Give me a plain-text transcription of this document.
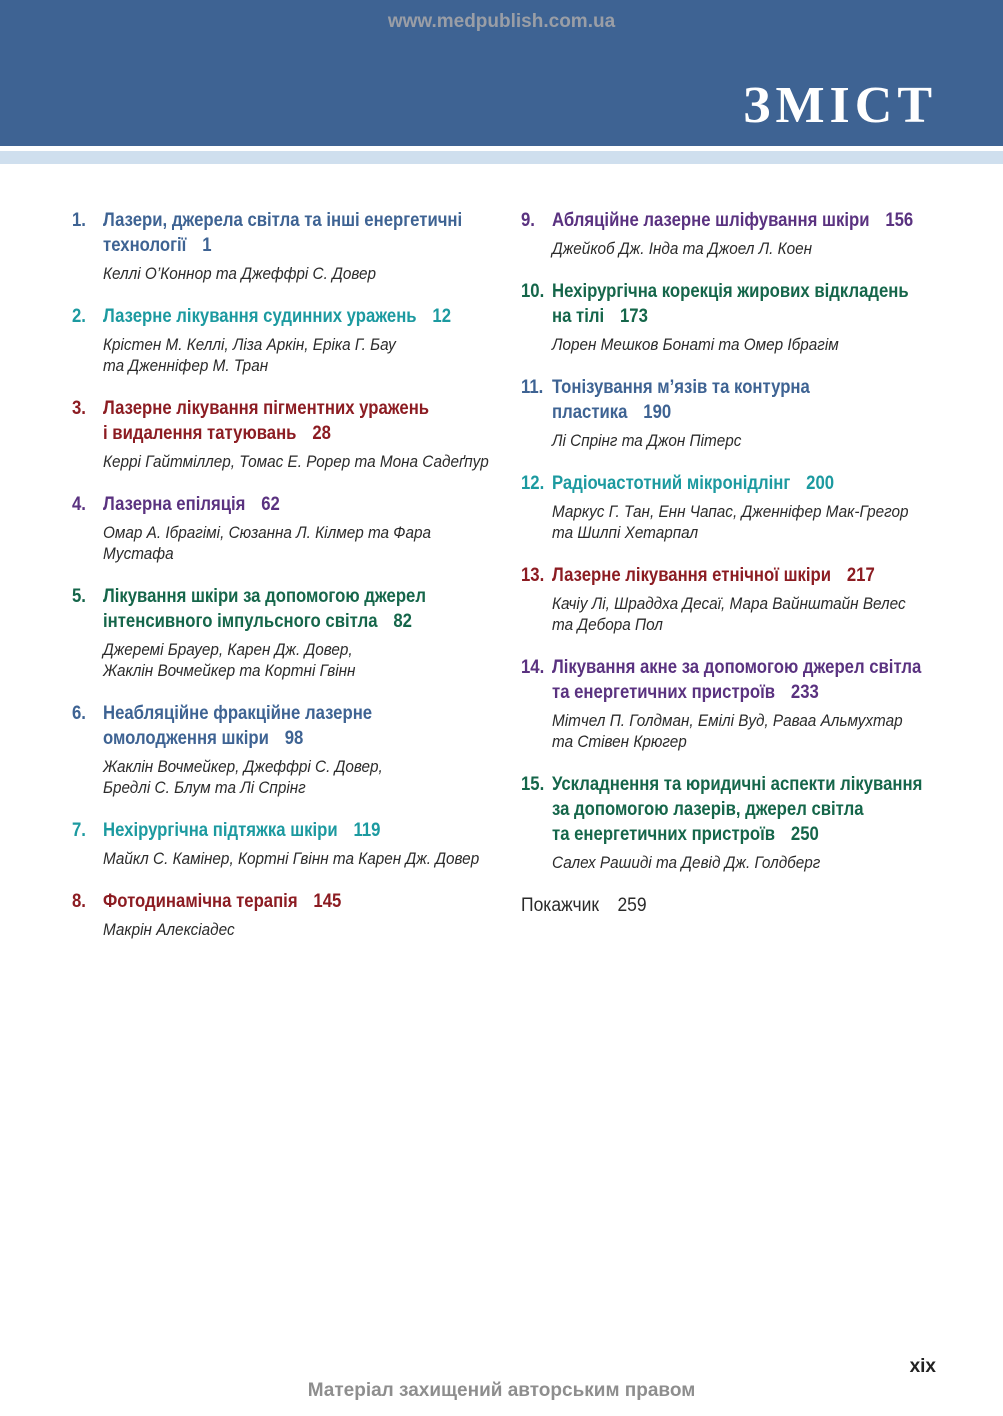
www.medpublish.com.ua
ЗМІСТ
1. Лазери, джерела світла та інші енергетичні
технології 1
Келлі О’Коннор та Джеффрі С. Довер
2. Лазерне лікування судинних уражень 12
Крістен М. Келлі, Ліза Аркін, Еріка Г. Бау
та Дженніфер М. Тран
3. Лазерне лікування пігментних уражень
і видалення татуювань 28
Керрі Гайтміллер, Томас Е. Рорер та Мона Садеґпур
4. Лазерна епіляція 62
Омар А. Ібрагімі, Сюзанна Л. Кілмер та Фара Мустафа
5. Лікування шкіри за допомогою джерел
інтенсивного імпульсного світла 82
Джеремі Брауер, Карен Дж. Довер,
Жаклін Вочмейкер та Кортні Гвінн
6. Неабляційне фракційне лазерне
омолодження шкіри 98
Жаклін Вочмейкер, Джеффрі С. Довер,
Бредлі С. Блум та Лі Спрінг
7. Нехірургічна підтяжка шкіри 119
Майкл С. Камінер, Кортні Гвінн та Карен Дж. Довер
8. Фотодинамічна терапія 145
Макрін Алексіадес
9. Абляційне лазерне шліфування шкіри 156
Джейкоб Дж. Інда та Джоел Л. Коен
10. Нехірургічна корекція жирових відкладень
на тілі 173
Лорен Мешков Бонаті та Омер Ібрагім
11. Тонізування м’язів та контурна
пластика 190
Лі Спрінг та Джон Пітерс
12. Радіочастотний мікронідлінг 200
Маркус Г. Тан, Енн Чапас, Дженніфер Мак-Грегор
та Шилпі Хетарпал
13. Лазерне лікування етнічної шкіри 217
Качіу Лі, Шраддха Десаї, Мара Вайнштайн Велес
та Дебора Пол
14. Лікування акне за допомогою джерел світла
та енергетичних пристроїв 233
Мітчел П. Голдман, Емілі Вуд, Раваа Альмухтар
та Стівен Крюгер
15. Ускладнення та юридичні аспекти лікування
за допомогою лазерів, джерел світла
та енергетичних пристроїв 250
Салех Рашиді та Девід Дж. Голдберг
Покажчик 259
xix
Матеріал захищений авторським правом
